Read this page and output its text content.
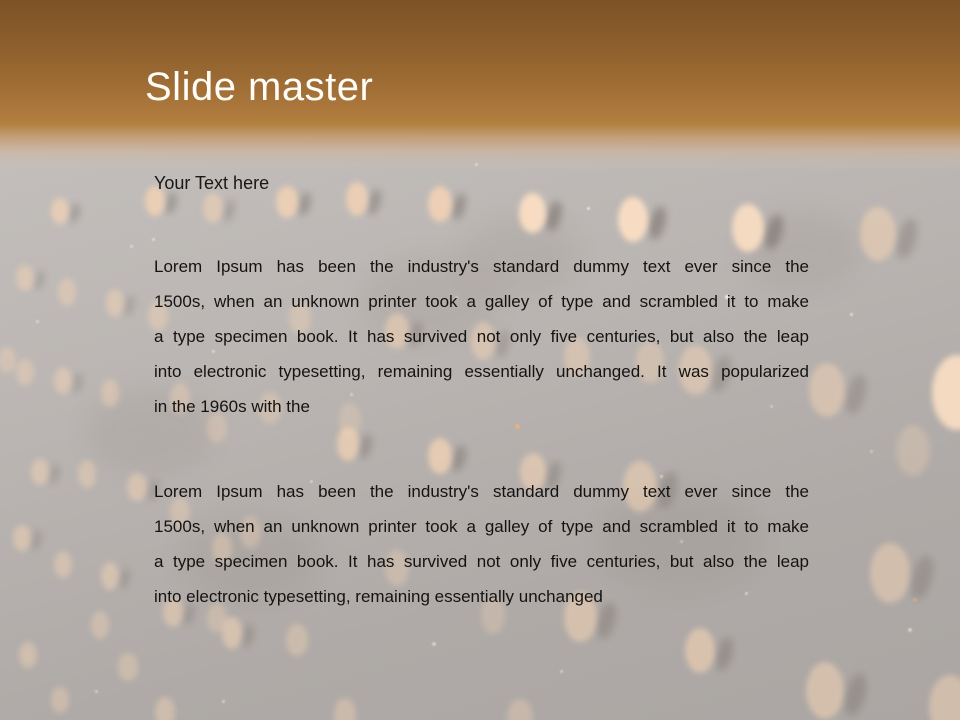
Slide master
Your Text here
Lorem Ipsum has been the industry's standard dummy text ever since the
1500s, when an unknown printer took a galley of type and scrambled it to make
a type specimen book. It has survived not only five centuries, but also the leap
into electronic typesetting, remaining essentially unchanged. It was popularized
in the 1960s with the
Lorem Ipsum has been the industry's standard dummy text ever since the
1500s, when an unknown printer took a galley of type and scrambled it to make
a type specimen book. It has survived not only five centuries, but also the leap
into electronic typesetting, remaining essentially unchanged
